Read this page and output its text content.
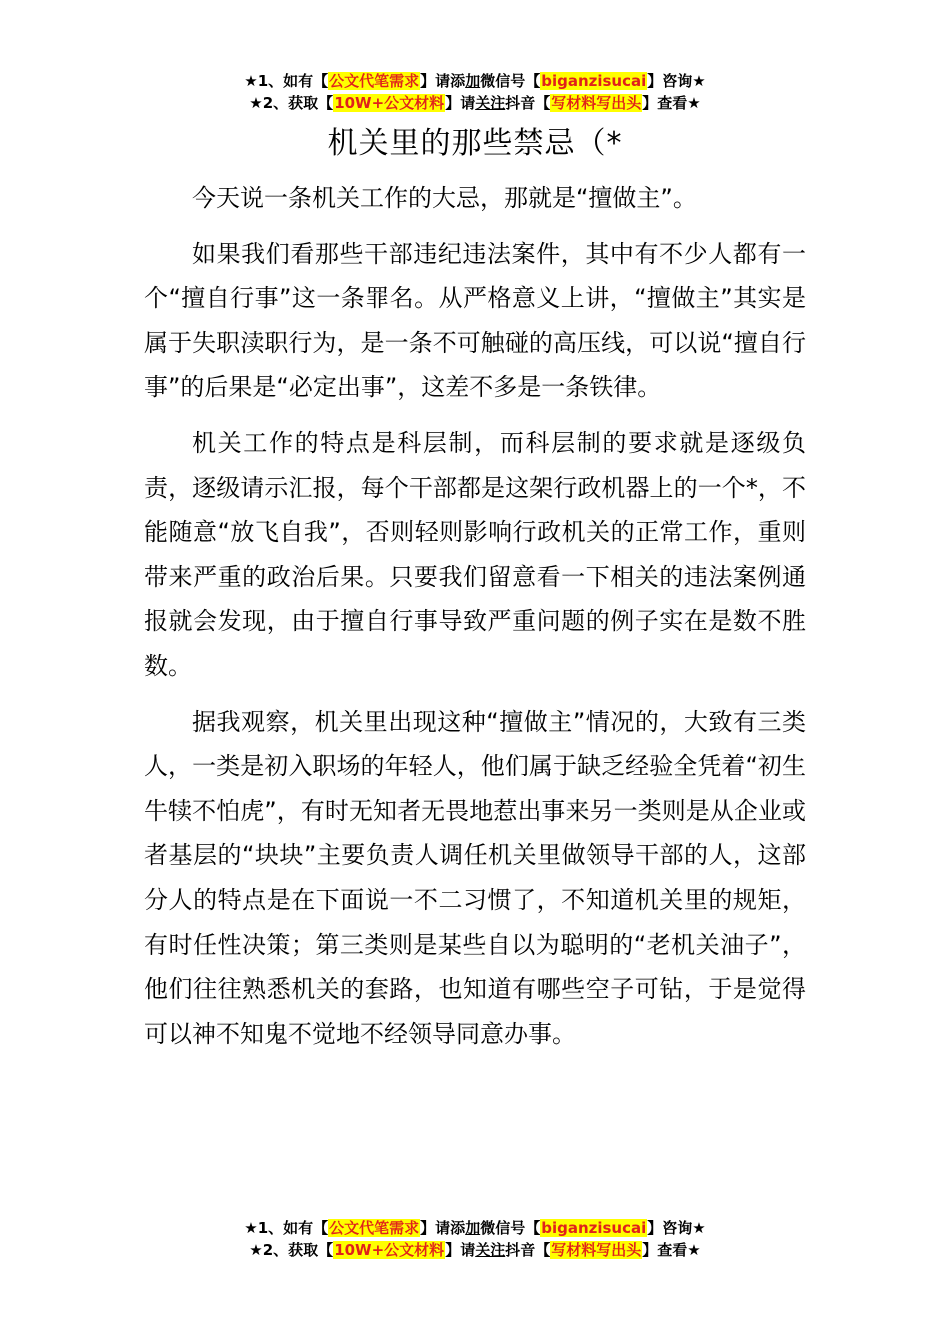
★1、如有【公文代笔需求】请添加微信号【biganzisucai】咨询★
★2、获取【10W+公文材料】请关注抖音【写材料写出头】查看★
机关里的那些禁忌（*

今天说一条机关工作的大忌，那就是“擅做主”。

如果我们看那些干部违纪违法案件，其中有不少人都有一个“擅自行事”这一条罪名。从严格意义上讲，“擅做主”其实是属于失职渎职行为，是一条不可触碰的高压线，可以说“擅自行事”的后果是“必定出事”，这差不多是一条铁律。

机关工作的特点是科层制，而科层制的要求就是逐级负责，逐级请示汇报，每个干部都是这架行政机器上的一个*，不能随意“放飞自我”，否则轻则影响行政机关的正常工作，重则带来严重的政治后果。只要我们留意看一下相关的违法案例通报就会发现，由于擅自行事导致严重问题的例子实在是数不胜数。

据我观察，机关里出现这种“擅做主”情况的，大致有三类人，一类是初入职场的年轻人，他们属于缺乏经验全凭着“初生牛犊不怕虎”，有时无知者无畏地惹出事来另一类则是从企业或者基层的“块块”主要负责人调任机关里做领导干部的人，这部分人的特点是在下面说一不二习惯了，不知道机关里的规矩，有时任性决策；第三类则是某些自以为聪明的“老机关油子”，他们往往熟悉机关的套路，也知道有哪些空子可钻，于是觉得可以神不知鬼不觉地不经领导同意办事。

★1、如有【公文代笔需求】请添加微信号【biganzisucai】咨询★
★2、获取【10W+公文材料】请关注抖音【写材料写出头】查看★
